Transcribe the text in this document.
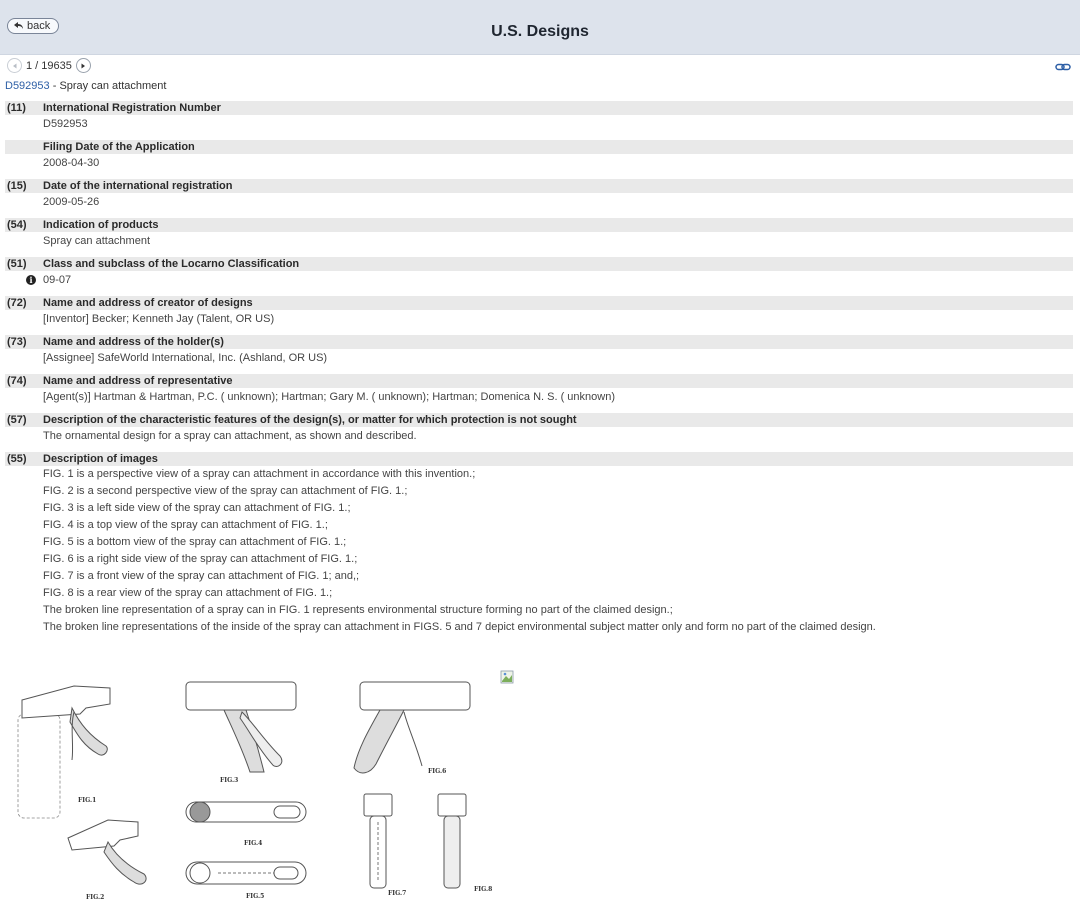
back	U.S. Designs
1 / 19635
D592953 - Spray can attachment
(11)	International Registration Number
D592953
Filing Date of the Application
2008-04-30
(15)	Date of the international registration
2009-05-26
(54)	Indication of products
Spray can attachment
(51)	Class and subclass of the Locarno Classification
i 09-07
(72)	Name and address of creator of designs
[Inventor] Becker; Kenneth Jay (Talent, OR US)
(73)	Name and address of the holder(s)
[Assignee] SafeWorld International, Inc. (Ashland, OR US)
(74)	Name and address of representative
[Agent(s)] Hartman & Hartman, P.C. ( unknown); Hartman; Gary M. ( unknown); Hartman; Domenica N. S. ( unknown)
(57)	Description of the characteristic features of the design(s), or matter for which protection is not sought
The ornamental design for a spray can attachment, as shown and described.
(55)	Description of images
FIG. 1 is a perspective view of a spray can attachment in accordance with this invention.;
FIG. 2 is a second perspective view of the spray can attachment of FIG. 1.;
FIG. 3 is a left side view of the spray can attachment of FIG. 1.;
FIG. 4 is a top view of the spray can attachment of FIG. 1.;
FIG. 5 is a bottom view of the spray can attachment of FIG. 1.;
FIG. 6 is a right side view of the spray can attachment of FIG. 1.;
FIG. 7 is a front view of the spray can attachment of FIG. 1; and,;
FIG. 8 is a rear view of the spray can attachment of FIG. 1.;
The broken line representation of a spray can in FIG. 1 represents environmental structure forming no part of the claimed design.;
The broken line representations of the inside of the spray can attachment in FIGS. 5 and 7 depict environmental subject matter only and form no part of the claimed design.
FIG.1
FIG.2
FIG.3
FIG.4
FIG.5
FIG.6
FIG.7
FIG.8
